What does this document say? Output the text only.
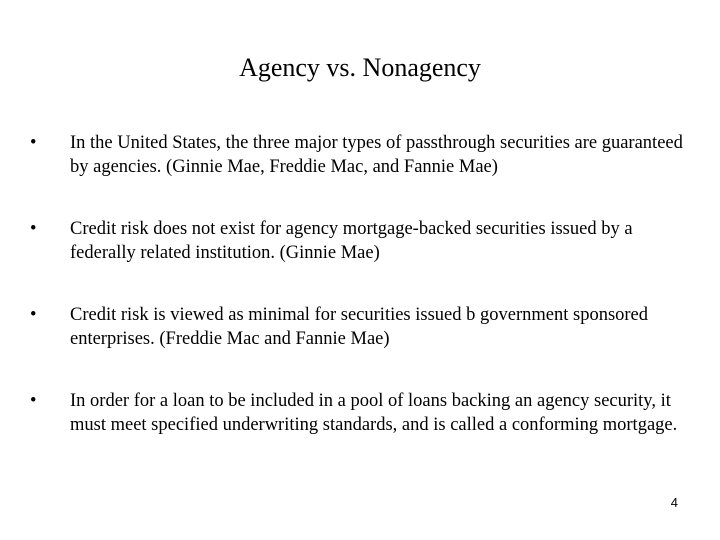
Agency vs. Nonagency
•	In the United States, the three major types of passthrough securities are guaranteed by agencies. (Ginnie Mae, Freddie Mac, and Fannie Mae)
•	Credit risk does not exist for agency mortgage-backed securities issued by a federally related institution. (Ginnie Mae)
•	Credit risk is viewed as minimal for securities issued b government sponsored enterprises. (Freddie Mac and Fannie Mae)
•	In order for a loan to be included in a pool of loans backing an agency security, it must meet specified underwriting standards, and is called a conforming mortgage.
4
